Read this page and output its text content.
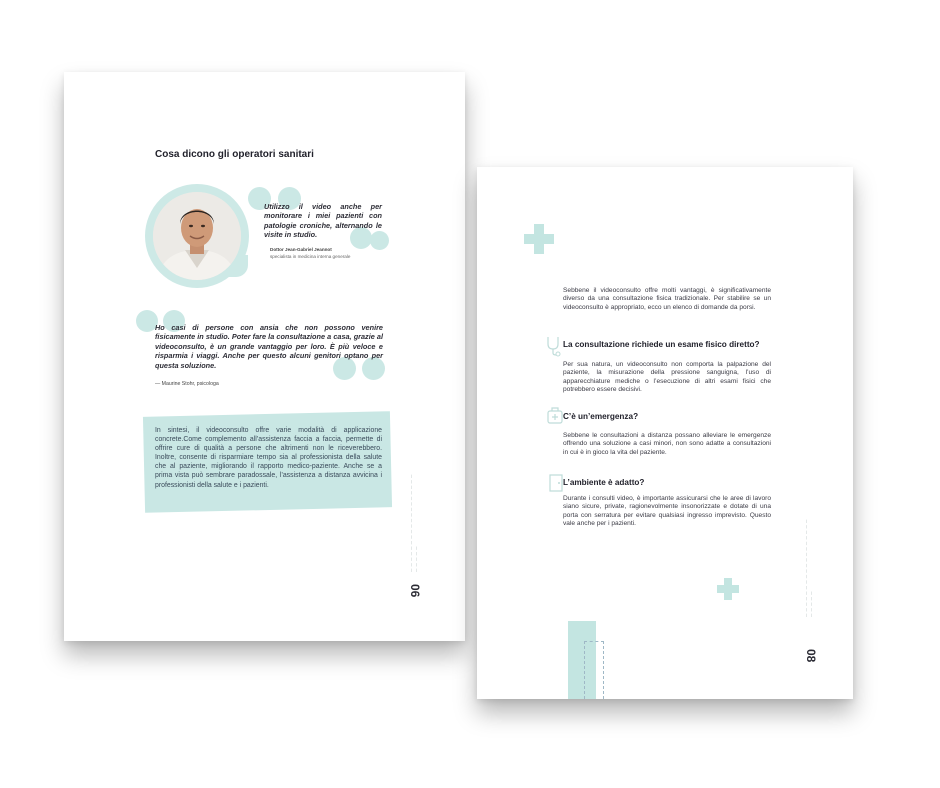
Cosa dicono gli operatori sanitari
Utilizzo il video anche per monitorare i miei pazienti con patologie croniche, alternando le visite in studio.
Dottor Jean-Gabriel Jeannot
specialista in medicina interna generale
Ho casi di persone con ansia che non possono venire fisicamente in studio. Poter fare la consultazione a casa, grazie al videoconsulto, è un grande vantaggio per loro. È più veloce e risparmia i viaggi. Anche per questo alcuni genitori optano per questa soluzione.
— Maurine Stohr, psicologa
In sintesi, il videoconsulto offre varie modalità di applicazione concrete.Come complemento all’assistenza faccia a faccia, permette di offrire cure di qualità a persone che altrimenti non le riceverebbero. Inoltre, consente di risparmiare tempo sia al professionista della salute che al paziente, migliorando il rapporto medico-paziente. Anche se a prima vista può sembrare paradossale, l’assistenza a distanza avvicina i professionisti della salute e i pazienti.	— — — — — — — — — — — — — — — — — —
— — — — —
06
Sebbene il videoconsulto offre molti vantaggi, è significativamente diverso da una consultazione fisica tradizionale. Per stabilire se un videoconsulto è appropriato, ecco un elenco di domande da porsi.
La consultazione richiede un esame fisico diretto?
Per sua natura, un videoconsulto non comporta la palpazione del paziente, la misurazione della pressione sanguigna, l’uso di apparecchiature mediche o l’esecuzione di altri esami fisici che potrebbero essere decisivi.
C’è un’emergenza?
Sebbene le consultazioni a distanza possano alleviare le emergenze offrendo una soluzione a casi minori, non sono adatte a consultazioni in cui è in gioco la vita del paziente.
L’ambiente è adatto?
Durante i consulti video, è importante assicurarsi che le aree di lavoro siano sicure, private, ragionevolmente insonorizzate e dotate di una porta con serratura per evitare qualsiasi ingresso imprevisto. Questo vale anche per i pazienti.	— — — — — — — — — — — — — — — — — —
— — — — —
08
